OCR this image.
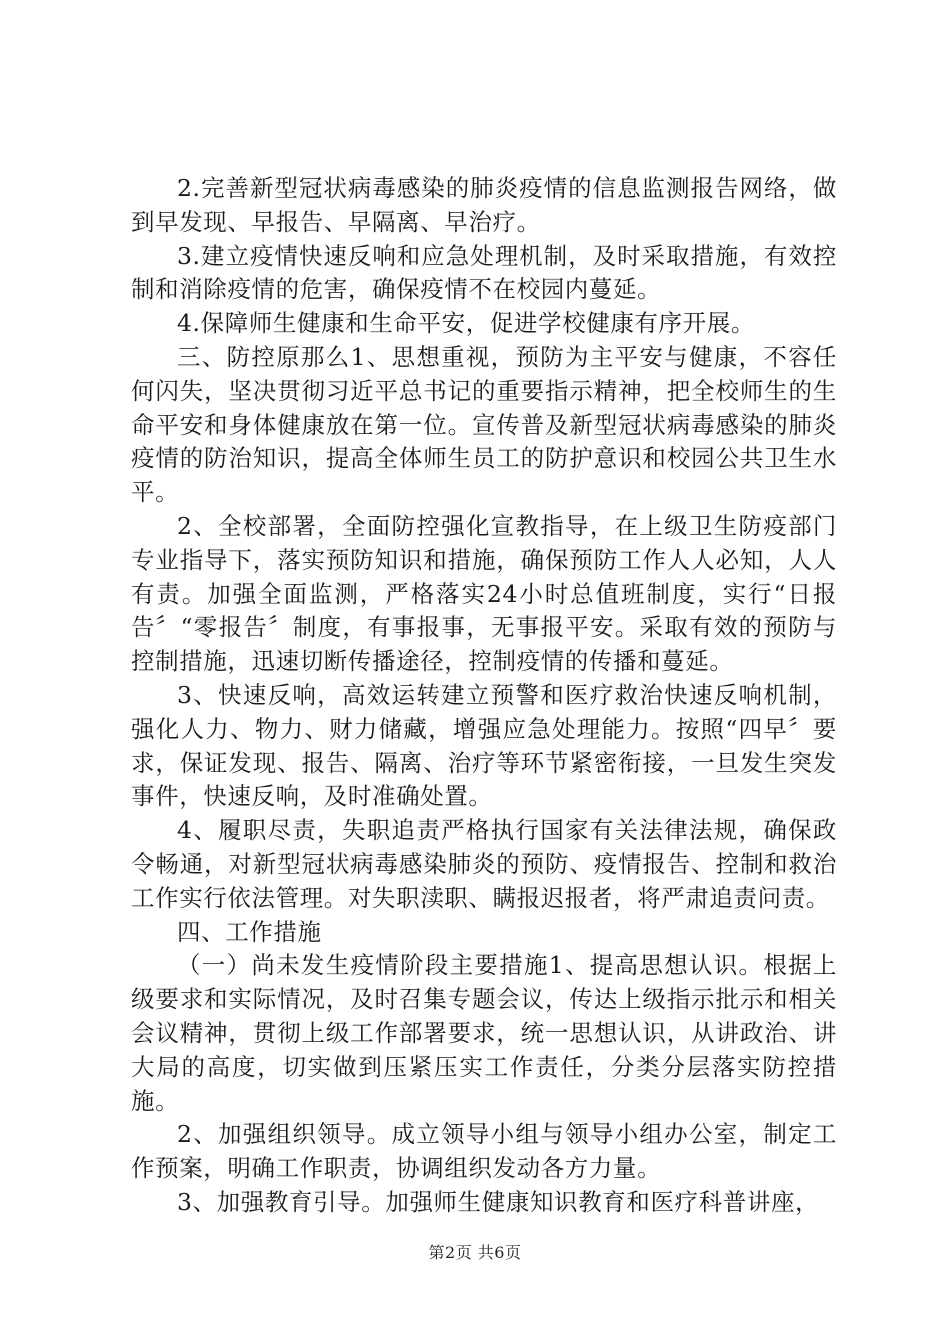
2.完善新型冠状病毒感染的肺炎疫情的信息监测报告网络，做到早发现、早报告、早隔离、早治疗。

3.建立疫情快速反响和应急处理机制，及时采取措施，有效控制和消除疫情的危害，确保疫情不在校园内蔓延。

4.保障师生健康和生命平安，促进学校健康有序开展。

三、防控原那么1、思想重视，预防为主平安与健康，不容任何闪失，坚决贯彻习近平总书记的重要指示精神，把全校师生的生命平安和身体健康放在第一位。宣传普及新型冠状病毒感染的肺炎疫情的防治知识，提高全体师生员工的防护意识和校园公共卫生水平。

2、全校部署，全面防控强化宣教指导，在上级卫生防疫部门专业指导下，落实预防知识和措施，确保预防工作人人必知，人人有责。加强全面监测，严格落实24小时总值班制度，实行“日报告〞“零报告〞制度，有事报事，无事报平安。采取有效的预防与控制措施，迅速切断传播途径，控制疫情的传播和蔓延。

3、快速反响，高效运转建立预警和医疗救治快速反响机制，强化人力、物力、财力储藏，增强应急处理能力。按照“四早〞要求，保证发现、报告、隔离、治疗等环节紧密衔接，一旦发生突发事件，快速反响，及时准确处置。

4、履职尽责，失职追责严格执行国家有关法律法规，确保政令畅通，对新型冠状病毒感染肺炎的预防、疫情报告、控制和救治工作实行依法管理。对失职渎职、瞒报迟报者，将严肃追责问责。

四、工作措施

（一）尚未发生疫情阶段主要措施1、提高思想认识。根据上级要求和实际情况，及时召集专题会议，传达上级指示批示和相关会议精神，贯彻上级工作部署要求，统一思想认识，从讲政治、讲大局的高度，切实做到压紧压实工作责任，分类分层落实防控措施。

2、加强组织领导。成立领导小组与领导小组办公室，制定工作预案，明确工作职责，协调组织发动各方力量。

3、加强教育引导。加强师生健康知识教育和医疗科普讲座，

第2页 共6页
